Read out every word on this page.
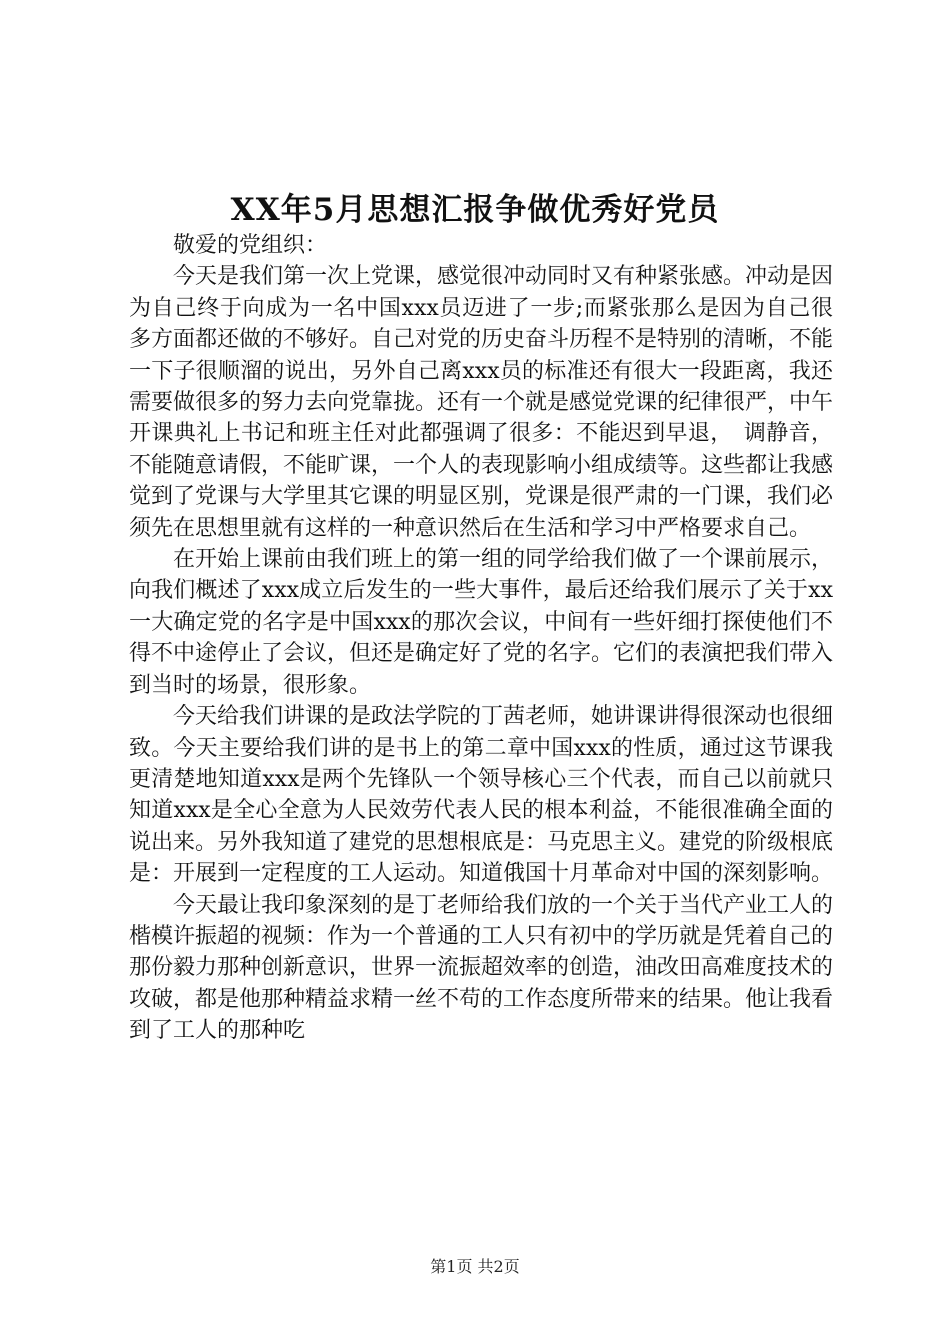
XX年5月思想汇报争做优秀好党员

敬爱的党组织：

今天是我们第一次上党课，感觉很冲动同时又有种紧张感。冲动是因为自己终于向成为一名中国xxx员迈进了一步;而紧张那么是因为自己很多方面都还做的不够好。自己对党的历史奋斗历程不是特别的清晰，不能一下子很顺溜的说出，另外自己离xxx员的标准还有很大一段距离，我还需要做很多的努力去向党靠拢。还有一个就是感觉党课的纪律很严，中午开课典礼上书记和班主任对此都强调了很多：不能迟到早退，　调静音，不能随意请假，不能旷课，一个人的表现影响小组成绩等。这些都让我感觉到了党课与大学里其它课的明显区别，党课是很严肃的一门课，我们必须先在思想里就有这样的一种意识然后在生活和学习中严格要求自己。

在开始上课前由我们班上的第一组的同学给我们做了一个课前展示，向我们概述了xxx成立后发生的一些大事件，最后还给我们展示了关于xx一大确定党的名字是中国xxx的那次会议，中间有一些奸细打探使他们不得不中途停止了会议，但还是确定好了党的名字。它们的表演把我们带入到当时的场景，很形象。

今天给我们讲课的是政法学院的丁茜老师，她讲课讲得很深动也很细致。今天主要给我们讲的是书上的第二章中国xxx的性质，通过这节课我更清楚地知道xxx是两个先锋队一个领导核心三个代表，而自己以前就只知道xxx是全心全意为人民效劳代表人民的根本利益，不能很准确全面的说出来。另外我知道了建党的思想根底是：马克思主义。建党的阶级根底是：开展到一定程度的工人运动。知道俄国十月革命对中国的深刻影响。

今天最让我印象深刻的是丁老师给我们放的一个关于当代产业工人的楷模许振超的视频：作为一个普通的工人只有初中的学历就是凭着自己的那份毅力那种创新意识，世界一流振超效率的创造，油改田高难度技术的攻破，都是他那种精益求精一丝不苟的工作态度所带来的结果。他让我看到了工人的那种吃

第1页 共2页
